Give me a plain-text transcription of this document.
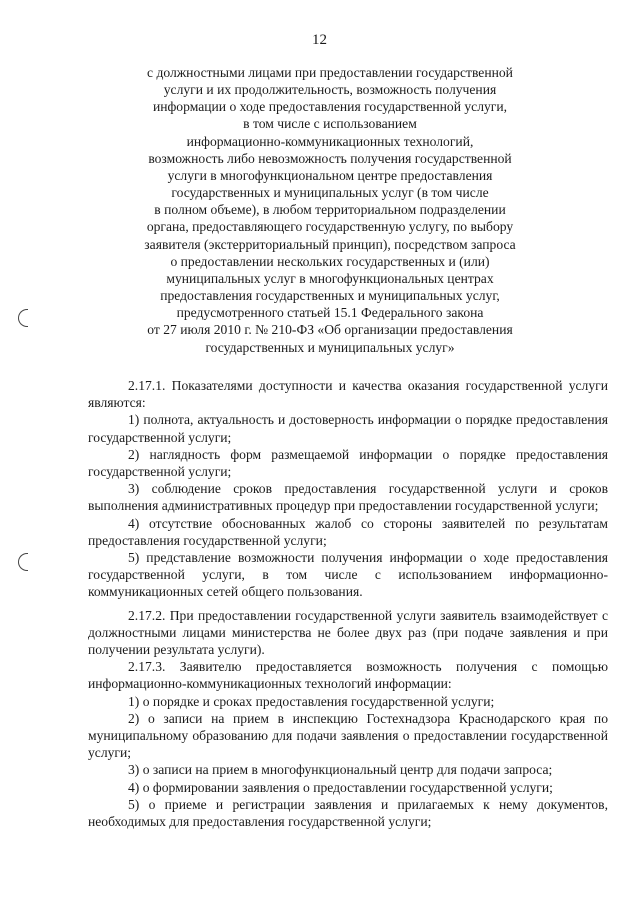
12
с должностными лицами при предоставлении государственной
услуги и их продолжительность, возможность получения
информации о ходе предоставления государственной услуги,
в том числе с использованием
информационно-коммуникационных технологий,
возможность либо невозможность получения государственной
услуги в многофункциональном центре предоставления
государственных и муниципальных услуг (в том числе
в полном объеме), в любом территориальном подразделении
органа, предоставляющего государственную услугу, по выбору
заявителя (экстерриториальный принцип), посредством запроса
о предоставлении нескольких государственных и (или)
муниципальных услуг в многофункциональных центрах
предоставления государственных и муниципальных услуг,
предусмотренного статьей 15.1 Федерального закона
от 27 июля 2010 г. № 210-ФЗ «Об организации предоставления
государственных и муниципальных услуг»

2.17.1. Показателями доступности и качества оказания государственной услуги являются:

1) полнота, актуальность и достоверность информации о порядке предоставления государственной услуги;

2) наглядность форм размещаемой информации о порядке предоставления государственной услуги;

3) соблюдение сроков предоставления государственной услуги и сроков выполнения административных процедур при предоставлении государственной услуги;

4) отсутствие обоснованных жалоб со стороны заявителей по результатам предоставления государственной услуги;

5) представление возможности получения информации о ходе предоставления государственной услуги, в том числе с использованием информационно-коммуникационных сетей общего пользования.

2.17.2. При предоставлении государственной услуги заявитель взаимодействует с должностными лицами министерства не более двух раз (при подаче заявления и при получении результата услуги).

2.17.3. Заявителю предоставляется возможность получения с помощью информационно-коммуникационных технологий информации:

1) о порядке и сроках предоставления государственной услуги;

2) о записи на прием в инспекцию Гостехнадзора Краснодарского края по муниципальному образованию для подачи заявления о предоставлении государственной услуги;

3) о записи на прием в многофункциональный центр для подачи запроса;

4) о формировании заявления о предоставлении государственной услуги;

5) о приеме и регистрации заявления и прилагаемых к нему документов, необходимых для предоставления государственной услуги;
